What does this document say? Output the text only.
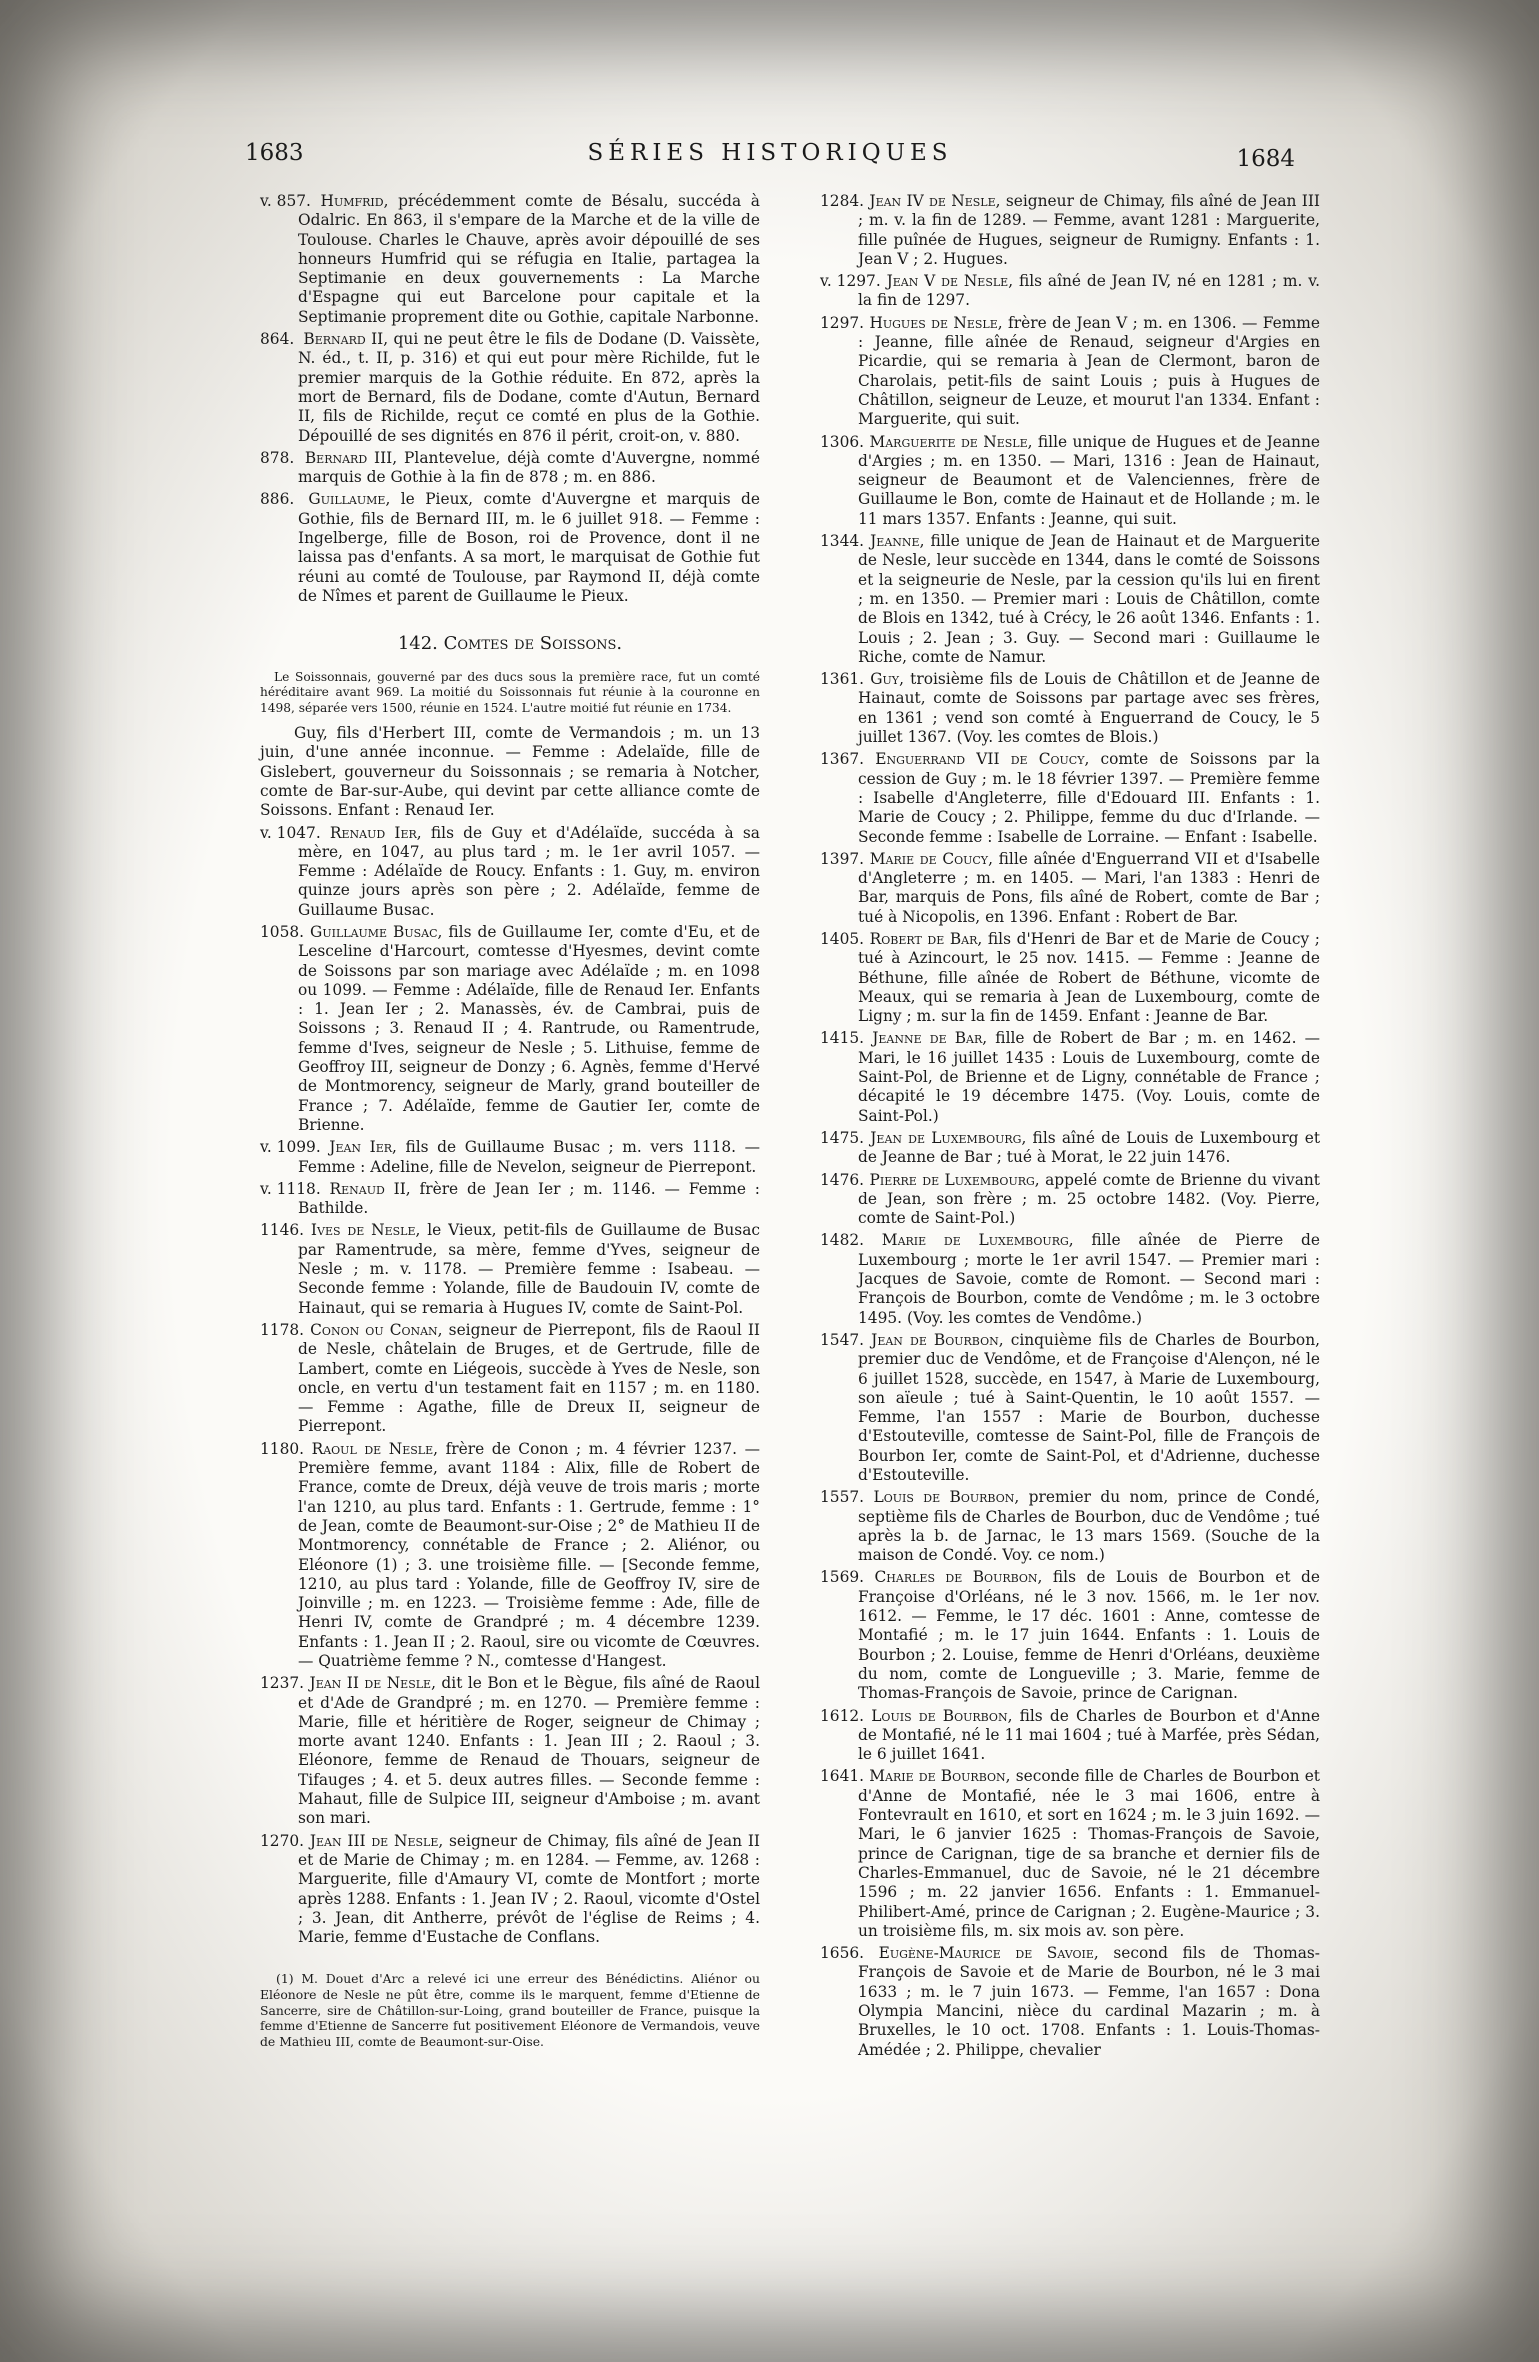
1683	SÉRIES HISTORIQUES	1684
v. 857. Humfrid, précédemment comte de Bésalu, succéda à Odalric. En 863, il s'empare de la Marche et de la ville de Toulouse. Charles le Chauve, après avoir dépouillé de ses honneurs Humfrid qui se réfugia en Italie, partagea la Septimanie en deux gouvernements : La Marche d'Espagne qui eut Barcelone pour capitale et la Septimanie proprement dite ou Gothie, capitale Narbonne.
864. Bernard II, qui ne peut être le fils de Dodane (D. Vaissète, N. éd., t. II, p. 316) et qui eut pour mère Richilde, fut le premier marquis de la Gothie réduite. En 872, après la mort de Bernard, fils de Dodane, comte d'Autun, Bernard II, fils de Richilde, reçut ce comté en plus de la Gothie. Dépouillé de ses dignités en 876 il périt, croit-on, v. 880.
878. Bernard III, Plantevelue, déjà comte d'Auvergne, nommé marquis de Gothie à la fin de 878 ; m. en 886.
886. Guillaume, le Pieux, comte d'Auvergne et marquis de Gothie, fils de Bernard III, m. le 6 juillet 918. — Femme : Ingelberge, fille de Boson, roi de Provence, dont il ne laissa pas d'enfants. A sa mort, le marquisat de Gothie fut réuni au comté de Toulouse, par Raymond II, déjà comte de Nîmes et parent de Guillaume le Pieux.
142. Comtes de Soissons.
Le Soissonnais, gouverné par des ducs sous la première race, fut un comté héréditaire avant 969. La moitié du Soissonnais fut réunie à la couronne en 1498, séparée vers 1500, réunie en 1524. L'autre moitié fut réunie en 1734.
Guy, fils d'Herbert III, comte de Vermandois ; m. un 13 juin, d'une année inconnue. — Femme : Adelaïde, fille de Gislebert, gouverneur du Soissonnais ; se remaria à Notcher, comte de Bar-sur-Aube, qui devint par cette alliance comte de Soissons. Enfant : Renaud Ier.
v. 1047. Renaud Ier, fils de Guy et d'Adélaïde, succéda à sa mère, en 1047, au plus tard ; m. le 1er avril 1057. — Femme : Adélaïde de Roucy. Enfants : 1. Guy, m. environ quinze jours après son père ; 2. Adélaïde, femme de Guillaume Busac.
1058. Guillaume Busac, fils de Guillaume Ier, comte d'Eu, et de Lesceline d'Harcourt, comtesse d'Hyesmes, devint comte de Soissons par son mariage avec Adélaïde ; m. en 1098 ou 1099. — Femme : Adélaïde, fille de Renaud Ier. Enfants : 1. Jean Ier ; 2. Manassès, év. de Cambrai, puis de Soissons ; 3. Renaud II ; 4. Rantrude, ou Ramentrude, femme d'Ives, seigneur de Nesle ; 5. Lithuise, femme de Geoffroy III, seigneur de Donzy ; 6. Agnès, femme d'Hervé de Montmorency, seigneur de Marly, grand bouteiller de France ; 7. Adélaïde, femme de Gautier Ier, comte de Brienne.
v. 1099. Jean Ier, fils de Guillaume Busac ; m. vers 1118. — Femme : Adeline, fille de Nevelon, seigneur de Pierrepont.
v. 1118. Renaud II, frère de Jean Ier ; m. 1146. — Femme : Bathilde.
1146. Ives de Nesle, le Vieux, petit-fils de Guillaume de Busac par Ramentrude, sa mère, femme d'Yves, seigneur de Nesle ; m. v. 1178. — Première femme : Isabeau. — Seconde femme : Yolande, fille de Baudouin IV, comte de Hainaut, qui se remaria à Hugues IV, comte de Saint-Pol.
1178. Conon ou Conan, seigneur de Pierrepont, fils de Raoul II de Nesle, châtelain de Bruges, et de Gertrude, fille de Lambert, comte en Liégeois, succède à Yves de Nesle, son oncle, en vertu d'un testament fait en 1157 ; m. en 1180. — Femme : Agathe, fille de Dreux II, seigneur de Pierrepont.
1180. Raoul de Nesle, frère de Conon ; m. 4 février 1237. — Première femme, avant 1184 : Alix, fille de Robert de France, comte de Dreux, déjà veuve de trois maris ; morte l'an 1210, au plus tard. Enfants : 1. Gertrude, femme : 1° de Jean, comte de Beaumont-sur-Oise ; 2° de Mathieu II de Montmorency, connétable de France ; 2. Aliénor, ou Eléonore (1) ; 3. une troisième fille. — [Seconde femme, 1210, au plus tard : Yolande, fille de Geoffroy IV, sire de Joinville ; m. en 1223. — Troisième femme : Ade, fille de Henri IV, comte de Grandpré ; m. 4 décembre 1239. Enfants : 1. Jean II ; 2. Raoul, sire ou vicomte de Cœuvres. — Quatrième femme ? N., comtesse d'Hangest.
1237. Jean II de Nesle, dit le Bon et le Bègue, fils aîné de Raoul et d'Ade de Grandpré ; m. en 1270. — Première femme : Marie, fille et héritière de Roger, seigneur de Chimay ; morte avant 1240. Enfants : 1. Jean III ; 2. Raoul ; 3. Eléonore, femme de Renaud de Thouars, seigneur de Tifauges ; 4. et 5. deux autres filles. — Seconde femme : Mahaut, fille de Sulpice III, seigneur d'Amboise ; m. avant son mari.
1270. Jean III de Nesle, seigneur de Chimay, fils aîné de Jean II et de Marie de Chimay ; m. en 1284. — Femme, av. 1268 : Marguerite, fille d'Amaury VI, comte de Montfort ; morte après 1288. Enfants : 1. Jean IV ; 2. Raoul, vicomte d'Ostel ; 3. Jean, dit Antherre, prévôt de l'église de Reims ; 4. Marie, femme d'Eustache de Conflans.
(1) M. Douet d'Arc a relevé ici une erreur des Bénédictins. Aliénor ou Eléonore de Nesle ne pût être, comme ils le marquent, femme d'Etienne de Sancerre, sire de Châtillon-sur-Loing, grand bouteiller de France, puisque la femme d'Etienne de Sancerre fut positivement Eléonore de Vermandois, veuve de Mathieu III, comte de Beaumont-sur-Oise.
1284. Jean IV de Nesle, seigneur de Chimay, fils aîné de Jean III ; m. v. la fin de 1289. — Femme, avant 1281 : Marguerite, fille puînée de Hugues, seigneur de Rumigny. Enfants : 1. Jean V ; 2. Hugues.
v. 1297. Jean V de Nesle, fils aîné de Jean IV, né en 1281 ; m. v. la fin de 1297.
1297. Hugues de Nesle, frère de Jean V ; m. en 1306. — Femme : Jeanne, fille aînée de Renaud, seigneur d'Argies en Picardie, qui se remaria à Jean de Clermont, baron de Charolais, petit-fils de saint Louis ; puis à Hugues de Châtillon, seigneur de Leuze, et mourut l'an 1334. Enfant : Marguerite, qui suit.
1306. Marguerite de Nesle, fille unique de Hugues et de Jeanne d'Argies ; m. en 1350. — Mari, 1316 : Jean de Hainaut, seigneur de Beaumont et de Valenciennes, frère de Guillaume le Bon, comte de Hainaut et de Hollande ; m. le 11 mars 1357. Enfants : Jeanne, qui suit.
1344. Jeanne, fille unique de Jean de Hainaut et de Marguerite de Nesle, leur succède en 1344, dans le comté de Soissons et la seigneurie de Nesle, par la cession qu'ils lui en firent ; m. en 1350. — Premier mari : Louis de Châtillon, comte de Blois en 1342, tué à Crécy, le 26 août 1346. Enfants : 1. Louis ; 2. Jean ; 3. Guy. — Second mari : Guillaume le Riche, comte de Namur.
1361. Guy, troisième fils de Louis de Châtillon et de Jeanne de Hainaut, comte de Soissons par partage avec ses frères, en 1361 ; vend son comté à Enguerrand de Coucy, le 5 juillet 1367. (Voy. les comtes de Blois.)
1367. Enguerrand VII de Coucy, comte de Soissons par la cession de Guy ; m. le 18 février 1397. — Première femme : Isabelle d'Angleterre, fille d'Edouard III. Enfants : 1. Marie de Coucy ; 2. Philippe, femme du duc d'Irlande. — Seconde femme : Isabelle de Lorraine. — Enfant : Isabelle.
1397. Marie de Coucy, fille aînée d'Enguerrand VII et d'Isabelle d'Angleterre ; m. en 1405. — Mari, l'an 1383 : Henri de Bar, marquis de Pons, fils aîné de Robert, comte de Bar ; tué à Nicopolis, en 1396. Enfant : Robert de Bar.
1405. Robert de Bar, fils d'Henri de Bar et de Marie de Coucy ; tué à Azincourt, le 25 nov. 1415. — Femme : Jeanne de Béthune, fille aînée de Robert de Béthune, vicomte de Meaux, qui se remaria à Jean de Luxembourg, comte de Ligny ; m. sur la fin de 1459. Enfant : Jeanne de Bar.
1415. Jeanne de Bar, fille de Robert de Bar ; m. en 1462. — Mari, le 16 juillet 1435 : Louis de Luxembourg, comte de Saint-Pol, de Brienne et de Ligny, connétable de France ; décapité le 19 décembre 1475. (Voy. Louis, comte de Saint-Pol.)
1475. Jean de Luxembourg, fils aîné de Louis de Luxembourg et de Jeanne de Bar ; tué à Morat, le 22 juin 1476.
1476. Pierre de Luxembourg, appelé comte de Brienne du vivant de Jean, son frère ; m. 25 octobre 1482. (Voy. Pierre, comte de Saint-Pol.)
1482. Marie de Luxembourg, fille aînée de Pierre de Luxembourg ; morte le 1er avril 1547. — Premier mari : Jacques de Savoie, comte de Romont. — Second mari : François de Bourbon, comte de Vendôme ; m. le 3 octobre 1495. (Voy. les comtes de Vendôme.)
1547. Jean de Bourbon, cinquième fils de Charles de Bourbon, premier duc de Vendôme, et de Françoise d'Alençon, né le 6 juillet 1528, succède, en 1547, à Marie de Luxembourg, son aïeule ; tué à Saint-Quentin, le 10 août 1557. — Femme, l'an 1557 : Marie de Bourbon, duchesse d'Estouteville, comtesse de Saint-Pol, fille de François de Bourbon Ier, comte de Saint-Pol, et d'Adrienne, duchesse d'Estouteville.
1557. Louis de Bourbon, premier du nom, prince de Condé, septième fils de Charles de Bourbon, duc de Vendôme ; tué après la b. de Jarnac, le 13 mars 1569. (Souche de la maison de Condé. Voy. ce nom.)
1569. Charles de Bourbon, fils de Louis de Bourbon et de Françoise d'Orléans, né le 3 nov. 1566, m. le 1er nov. 1612. — Femme, le 17 déc. 1601 : Anne, comtesse de Montafié ; m. le 17 juin 1644. Enfants : 1. Louis de Bourbon ; 2. Louise, femme de Henri d'Orléans, deuxième du nom, comte de Longueville ; 3. Marie, femme de Thomas-François de Savoie, prince de Carignan.
1612. Louis de Bourbon, fils de Charles de Bourbon et d'Anne de Montafié, né le 11 mai 1604 ; tué à Marfée, près Sédan, le 6 juillet 1641.
1641. Marie de Bourbon, seconde fille de Charles de Bourbon et d'Anne de Montafié, née le 3 mai 1606, entre à Fontevrault en 1610, et sort en 1624 ; m. le 3 juin 1692. — Mari, le 6 janvier 1625 : Thomas-François de Savoie, prince de Carignan, tige de sa branche et dernier fils de Charles-Emmanuel, duc de Savoie, né le 21 décembre 1596 ; m. 22 janvier 1656. Enfants : 1. Emmanuel-Philibert-Amé, prince de Carignan ; 2. Eugène-Maurice ; 3. un troisième fils, m. six mois av. son père.
1656. Eugène-Maurice de Savoie, second fils de Thomas-François de Savoie et de Marie de Bourbon, né le 3 mai 1633 ; m. le 7 juin 1673. — Femme, l'an 1657 : Dona Olympia Mancini, nièce du cardinal Mazarin ; m. à Bruxelles, le 10 oct. 1708. Enfants : 1. Louis-Thomas-Amédée ; 2. Philippe, chevalier
